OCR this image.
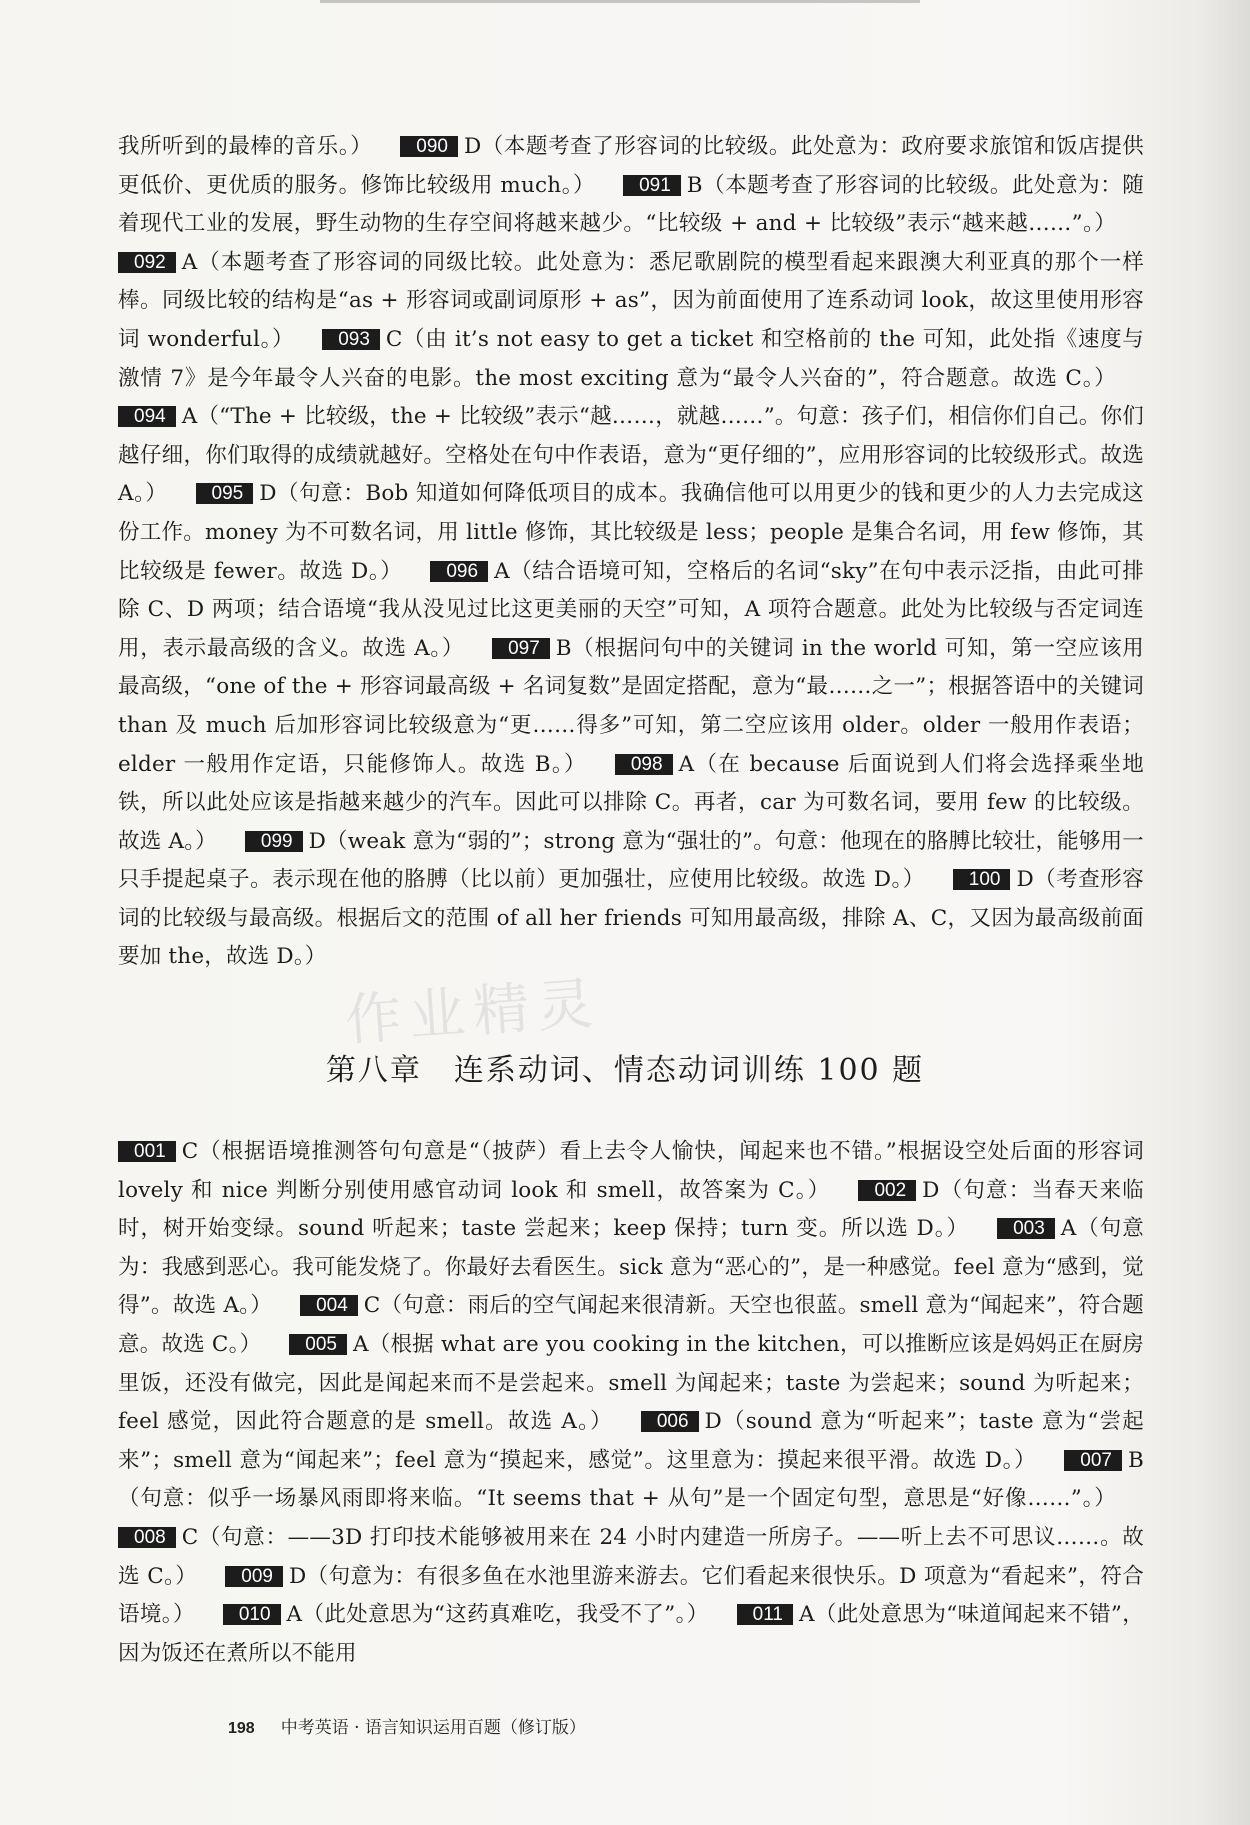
作业精灵
我所听到的最棒的音乐。） 090 D（本题考查了形容词的比较级。此处意为：政府要求旅馆和饭店提供更低价、更优质的服务。修饰比较级用 much。） 091 B（本题考查了形容词的比较级。此处意为：随着现代工业的发展，野生动物的生存空间将越来越少。“比较级 + and + 比较级”表示“越来越……”。）092 A（本题考查了形容词的同级比较。此处意为：悉尼歌剧院的模型看起来跟澳大利亚真的那个一样棒。同级比较的结构是“as + 形容词或副词原形 + as”，因为前面使用了连系动词 look，故这里使用形容词 wonderful。） 093 C（由 it’s not easy to get a ticket 和空格前的 the 可知，此处指《速度与激情 7》是今年最令人兴奋的电影。the most exciting 意为“最令人兴奋的”，符合题意。故选 C。）094 A（“The + 比较级，the + 比较级”表示“越……，就越……”。句意：孩子们，相信你们自己。你们越仔细，你们取得的成绩就越好。空格处在句中作表语，意为“更仔细的”，应用形容词的比较级形式。故选 A。） 095 D（句意：Bob 知道如何降低项目的成本。我确信他可以用更少的钱和更少的人力去完成这份工作。money 为不可数名词，用 little 修饰，其比较级是 less；people 是集合名词，用 few 修饰，其比较级是 fewer。故选 D。） 096 A（结合语境可知，空格后的名词“sky”在句中表示泛指，由此可排除 C、D 两项；结合语境“我从没见过比这更美丽的天空”可知，A 项符合题意。此处为比较级与否定词连用，表示最高级的含义。故选 A。） 097 B（根据问句中的关键词 in the world 可知，第一空应该用最高级，“one of the + 形容词最高级 + 名词复数”是固定搭配，意为“最……之一”；根据答语中的关键词 than 及 much 后加形容词比较级意为“更……得多”可知，第二空应该用 older。older 一般用作表语；elder 一般用作定语，只能修饰人。故选 B。） 098 A（在 because 后面说到人们将会选择乘坐地铁，所以此处应该是指越来越少的汽车。因此可以排除 C。再者，car 为可数名词，要用 few 的比较级。故选 A。） 099 D（weak 意为“弱的”；strong 意为“强壮的”。句意：他现在的胳膊比较壮，能够用一只手提起桌子。表示现在他的胳膊（比以前）更加强壮，应使用比较级。故选 D。） 100 D（考查形容词的比较级与最高级。根据后文的范围 of all her friends 可知用最高级，排除 A、C，又因为最高级前面要加 the，故选 D。）
第八章　连系动词、情态动词训练 100 题
001 C（根据语境推测答句句意是“（披萨）看上去令人愉快，闻起来也不错。”根据设空处后面的形容词 lovely 和 nice 判断分别使用感官动词 look 和 smell，故答案为 C。） 002 D（句意：当春天来临时，树开始变绿。sound 听起来；taste 尝起来；keep 保持；turn 变。所以选 D。） 003 A（句意为：我感到恶心。我可能发烧了。你最好去看医生。sick 意为“恶心的”，是一种感觉。feel 意为“感到，觉得”。故选 A。） 004 C（句意：雨后的空气闻起来很清新。天空也很蓝。smell 意为“闻起来”，符合题意。故选 C。） 005 A（根据 what are you cooking in the kitchen，可以推断应该是妈妈正在厨房里饭，还没有做完，因此是闻起来而不是尝起来。smell 为闻起来；taste 为尝起来；sound 为听起来；feel 感觉，因此符合题意的是 smell。故选 A。） 006 D（sound 意为“听起来”；taste 意为“尝起来”；smell 意为“闻起来”；feel 意为“摸起来，感觉”。这里意为：摸起来很平滑。故选 D。） 007 B（句意：似乎一场暴风雨即将来临。“It seems that + 从句”是一个固定句型，意思是“好像……”。）008 C（句意：——3D 打印技术能够被用来在 24 小时内建造一所房子。——听上去不可思议……。故选 C。） 009 D（句意为：有很多鱼在水池里游来游去。它们看起来很快乐。D 项意为“看起来”，符合语境。） 010 A（此处意思为“这药真难吃，我受不了”。） 011 A（此处意思为“味道闻起来不错”，因为饭还在煮所以不能用
198 中考英语 · 语言知识运用百题（修订版）
